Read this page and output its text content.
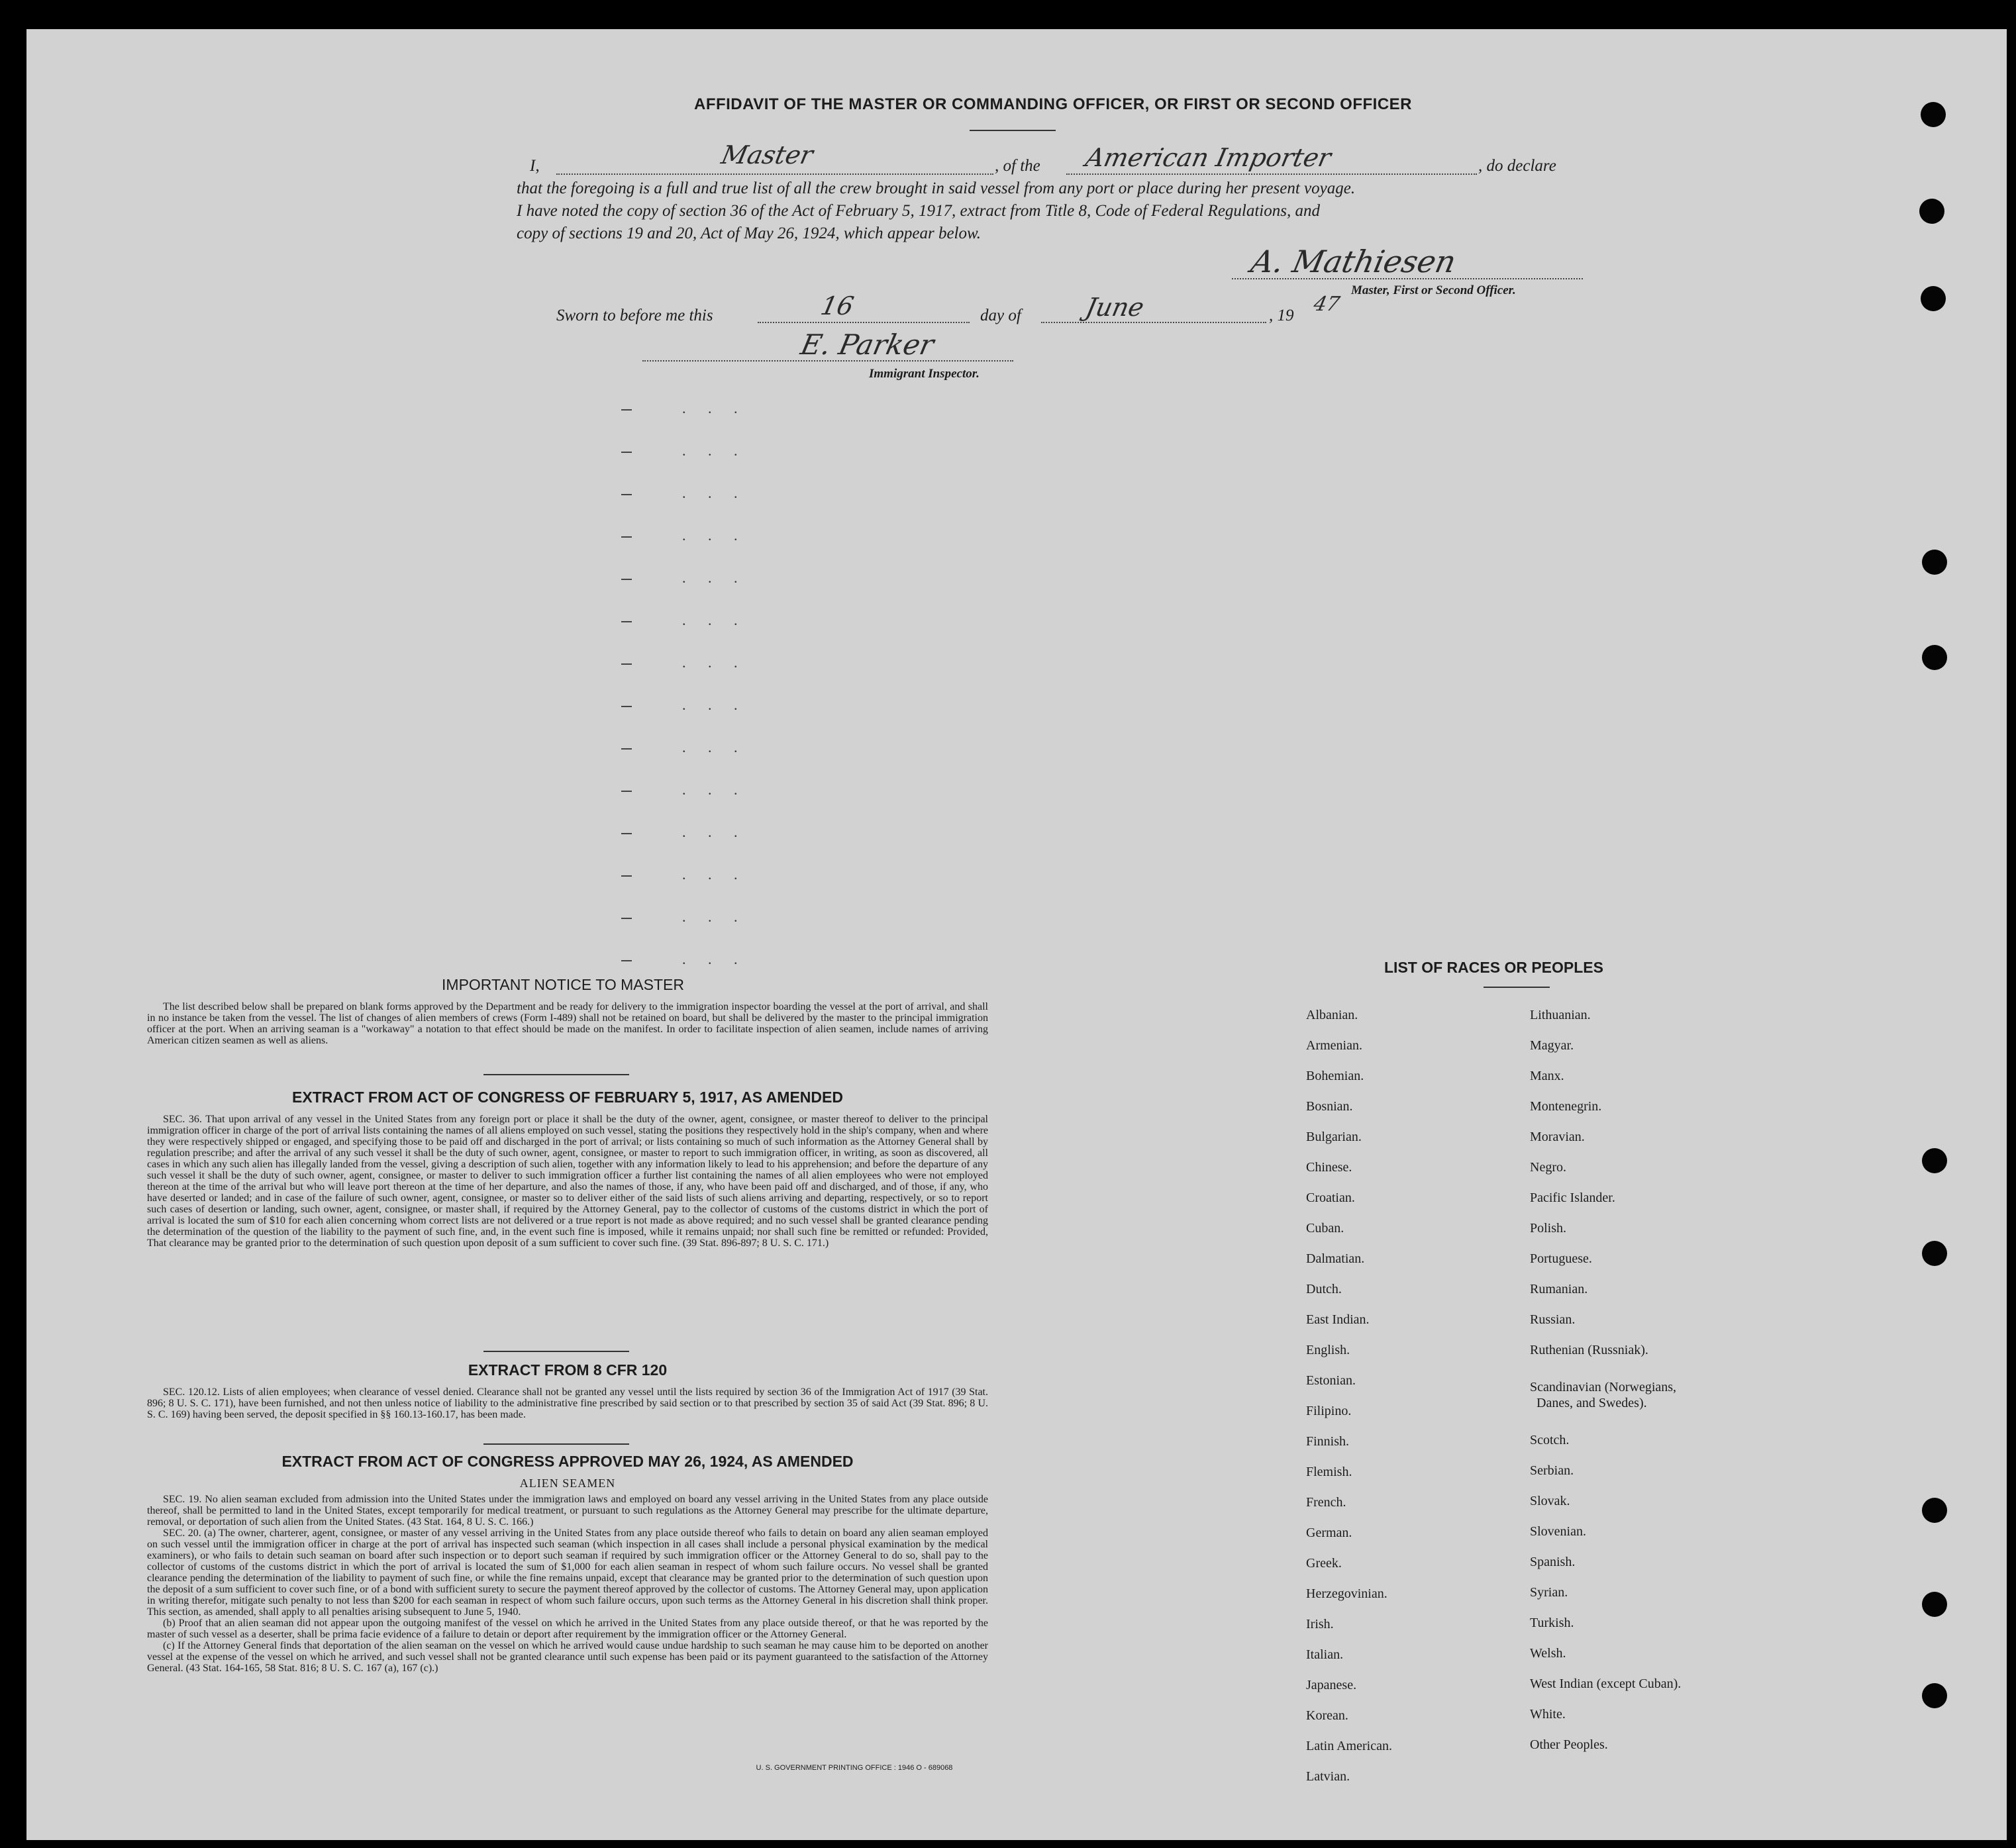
AFFIDAVIT OF THE MASTER OR COMMANDING OFFICER, OR FIRST OR SECOND OFFICER
I,	Master	, of the American Importer	, do declare
that the foregoing is a full and true list of all the crew brought in said vessel from any port or place during her present voyage.
I have noted the copy of section 36 of the Act of February 5, 1917, extract from Title 8, Code of Federal Regulations, and
copy of sections 19 and 20, Act of May 26, 1924, which appear below.
A. Mathiesen
Master, First or Second Officer.
Sworn to before me this	16	day of June	, 19 47
E. Parker
Immigrant Inspector.
. . .
. . .
. . .
. . .
. . .
. . .
. . .
. . .
. . .
. . .
. . .
. . .
. . .
. . .
IMPORTANT NOTICE TO MASTER
The list described below shall be prepared on blank forms approved by the Department and be ready for delivery to the immigration inspector boarding the vessel at the port of arrival, and shall in no instance be taken from the vessel. The list of changes of alien members of crews (Form I-489) shall not be retained on board, but shall be delivered by the master to the principal immigration officer at the port. When an arriving seaman is a "workaway" a notation to that effect should be made on the manifest. In order to facilitate inspection of alien seamen, include names of arriving American citizen seamen as well as aliens.
EXTRACT FROM ACT OF CONGRESS OF FEBRUARY 5, 1917, AS AMENDED
SEC. 36. That upon arrival of any vessel in the United States from any foreign port or place it shall be the duty of the owner, agent, consignee, or master thereof to deliver to the principal immigration officer in charge of the port of arrival lists containing the names of all aliens employed on such vessel, stating the positions they respectively hold in the ship's company, when and where they were respectively shipped or engaged, and specifying those to be paid off and discharged in the port of arrival; or lists containing so much of such information as the Attorney General shall by regulation prescribe; and after the arrival of any such vessel it shall be the duty of such owner, agent, consignee, or master to report to such immigration officer, in writing, as soon as discovered, all cases in which any such alien has illegally landed from the vessel, giving a description of such alien, together with any information likely to lead to his apprehension; and before the departure of any such vessel it shall be the duty of such owner, agent, consignee, or master to deliver to such immigration officer a further list containing the names of all alien employees who were not employed thereon at the time of the arrival but who will leave port thereon at the time of her departure, and also the names of those, if any, who have been paid off and discharged, and of those, if any, who have deserted or landed; and in case of the failure of such owner, agent, consignee, or master so to deliver either of the said lists of such aliens arriving and departing, respectively, or so to report such cases of desertion or landing, such owner, agent, consignee, or master shall, if required by the Attorney General, pay to the collector of customs of the customs district in which the port of arrival is located the sum of $10 for each alien concerning whom correct lists are not delivered or a true report is not made as above required; and no such vessel shall be granted clearance pending the determination of the question of the liability to the payment of such fine, and, in the event such fine is imposed, while it remains unpaid; nor shall such fine be remitted or refunded: Provided, That clearance may be granted prior to the determination of such question upon deposit of a sum sufficient to cover such fine. (39 Stat. 896-897; 8 U. S. C. 171.)
EXTRACT FROM 8 CFR 120
SEC. 120.12. Lists of alien employees; when clearance of vessel denied. Clearance shall not be granted any vessel until the lists required by section 36 of the Immigration Act of 1917 (39 Stat. 896; 8 U. S. C. 171), have been furnished, and not then unless notice of liability to the administrative fine prescribed by said section or to that prescribed by section 35 of said Act (39 Stat. 896; 8 U. S. C. 169) having been served, the deposit specified in §§ 160.13-160.17, has been made.
EXTRACT FROM ACT OF CONGRESS APPROVED MAY 26, 1924, AS AMENDED
ALIEN SEAMEN
SEC. 19. No alien seaman excluded from admission into the United States under the immigration laws and employed on board any vessel arriving in the United States from any place outside thereof, shall be permitted to land in the United States, except temporarily for medical treatment, or pursuant to such regulations as the Attorney General may prescribe for the ultimate departure, removal, or deportation of such alien from the United States. (43 Stat. 164, 8 U. S. C. 166.)
SEC. 20. (a) The owner, charterer, agent, consignee, or master of any vessel arriving in the United States from any place outside thereof who fails to detain on board any alien seaman employed on such vessel until the immigration officer in charge at the port of arrival has inspected such seaman (which inspection in all cases shall include a personal physical examination by the medical examiners), or who fails to detain such seaman on board after such inspection or to deport such seaman if required by such immigration officer or the Attorney General to do so, shall pay to the collector of customs of the customs district in which the port of arrival is located the sum of $1,000 for each alien seaman in respect of whom such failure occurs. No vessel shall be granted clearance pending the determination of the liability to payment of such fine, or while the fine remains unpaid, except that clearance may be granted prior to the determination of such question upon the deposit of a sum sufficient to cover such fine, or of a bond with sufficient surety to secure the payment thereof approved by the collector of customs. The Attorney General may, upon application in writing therefor, mitigate such penalty to not less than $200 for each seaman in respect of whom such failure occurs, upon such terms as the Attorney General in his discretion shall think proper. This section, as amended, shall apply to all penalties arising subsequent to June 5, 1940.
(b) Proof that an alien seaman did not appear upon the outgoing manifest of the vessel on which he arrived in the United States from any place outside thereof, or that he was reported by the master of such vessel as a deserter, shall be prima facie evidence of a failure to detain or deport after requirement by the immigration officer or the Attorney General.
(c) If the Attorney General finds that deportation of the alien seaman on the vessel on which he arrived would cause undue hardship to such seaman he may cause him to be deported on another vessel at the expense of the vessel on which he arrived, and such vessel shall not be granted clearance until such expense has been paid or its payment guaranteed to the satisfaction of the Attorney General. (43 Stat. 164-165, 58 Stat. 816; 8 U. S. C. 167 (a), 167 (c).)
U. S. GOVERNMENT PRINTING OFFICE : 1946 O - 689068
LIST OF RACES OR PEOPLES
Albanian.
Armenian.
Bohemian.
Bosnian.
Bulgarian.
Chinese.
Croatian.
Cuban.
Dalmatian.
Dutch.
East Indian.
English.
Estonian.
Filipino.
Finnish.
Flemish.
French.
German.
Greek.
Herzegovinian.
Irish.
Italian.
Japanese.
Korean.
Latin American.
Latvian.
Lithuanian.
Magyar.
Manx.
Montenegrin.
Moravian.
Negro.
Pacific Islander.
Polish.
Portuguese.
Rumanian.
Russian.
Ruthenian (Russniak).
Scandinavian (Norwegians,
Danes, and Swedes).
Scotch.
Serbian.
Slovak.
Slovenian.
Spanish.
Syrian.
Turkish.
Welsh.
West Indian (except Cuban).
White.
Other Peoples.
